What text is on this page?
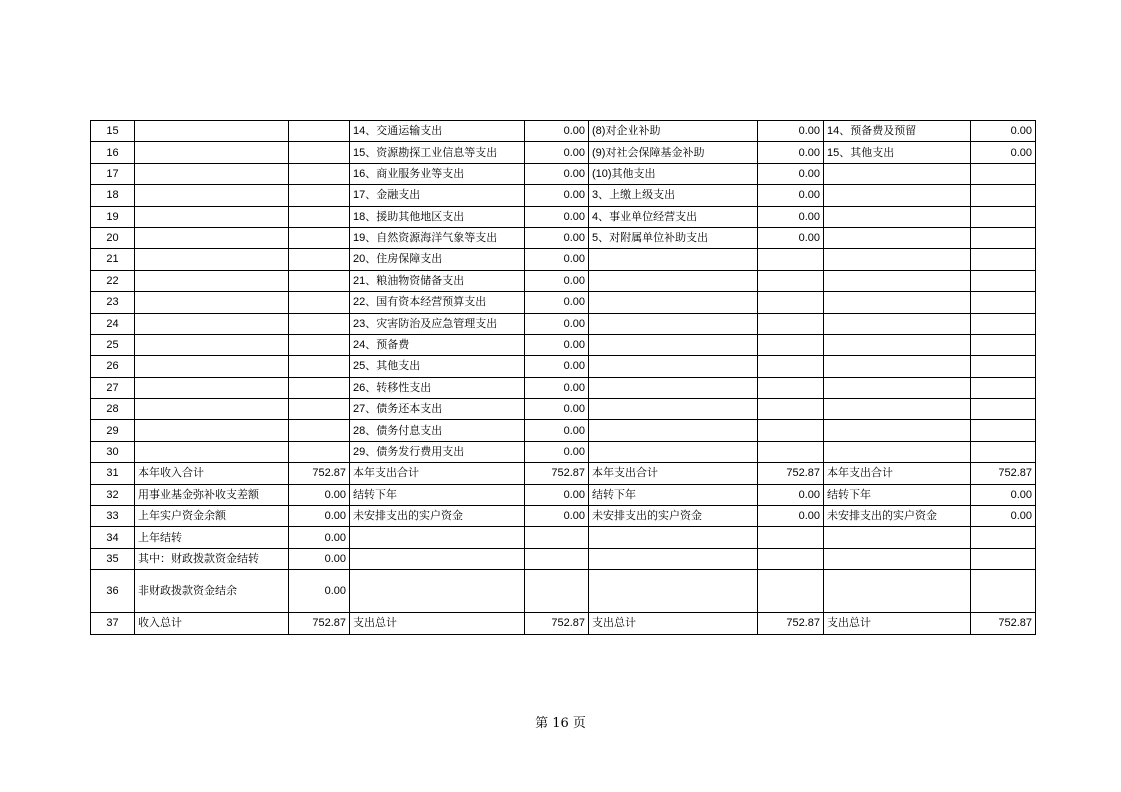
15			14、交通运输支出	0.00	(8)对企业补助	0.00	14、预备费及预留	0.00
16			15、资源勘探工业信息等支出	0.00	(9)对社会保障基金补助	0.00	15、其他支出	0.00
17			16、商业服务业等支出	0.00	(10)其他支出	0.00		
18			17、金融支出	0.00	3、上缴上级支出	0.00		
19			18、援助其他地区支出	0.00	4、事业单位经营支出	0.00		
20			19、自然资源海洋气象等支出	0.00	5、对附属单位补助支出	0.00		
21			20、住房保障支出	0.00				
22			21、粮油物资储备支出	0.00				
23			22、国有资本经营预算支出	0.00				
24			23、灾害防治及应急管理支出	0.00				
25			24、预备费	0.00				
26			25、其他支出	0.00				
27			26、转移性支出	0.00				
28			27、债务还本支出	0.00				
29			28、债务付息支出	0.00				
30			29、债务发行费用支出	0.00				
31	本年收入合计	752.87	本年支出合计	752.87	本年支出合计	752.87	本年支出合计	752.87
32	用事业基金弥补收支差额	0.00	结转下年	0.00	结转下年	0.00	结转下年	0.00
33	上年实户资金余额	0.00	未安排支出的实户资金	0.00	未安排支出的实户资金	0.00	未安排支出的实户资金	0.00
34	上年结转	0.00						
35	其中：财政拨款资金结转	0.00						
36	非财政拨款资金结余	0.00						
37	收入总计	752.87	支出总计	752.87	支出总计	752.87	支出总计	752.87
第 16 页
